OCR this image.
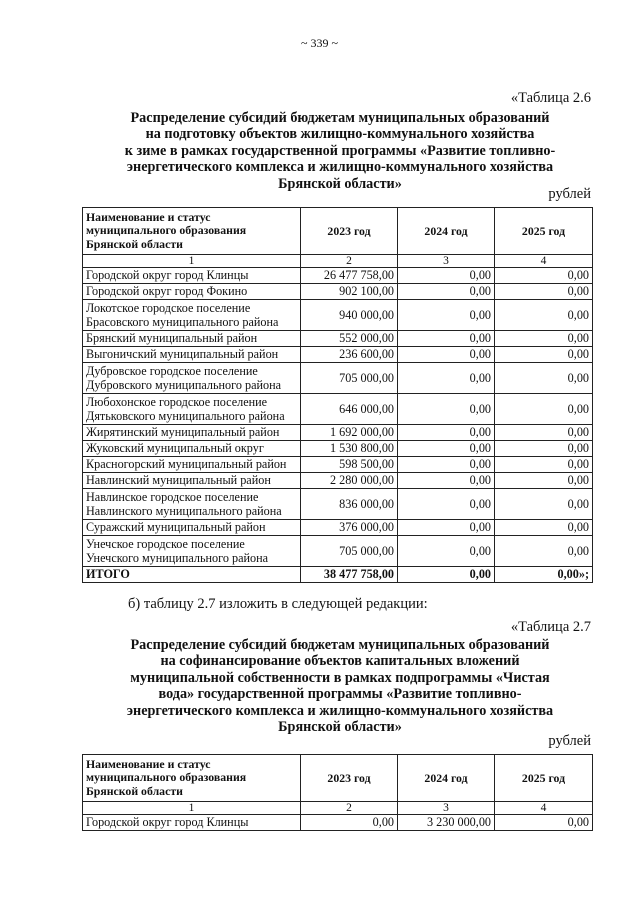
~ 339 ~
«Таблица 2.6
Распределение субсидий бюджетам муниципальных образований
на подготовку объектов жилищно-коммунального хозяйства
к зиме в рамках государственной программы «Развитие топливно-
энергетического комплекса и жилищно-коммунального хозяйства
Брянской области»
рублей
Наименование и статус
муниципального образования
Брянской области	2023 год	2024 год	2025 год
1	2	3	4

Городской округ город Клинцы	26 477 758,00	0,00	0,00

Городской округ город Фокино	902 100,00	0,00	0,00

Локотское городское поселение
Брасовского муниципального района	940 000,00	0,00	0,00

Брянский муниципальный район	552 000,00	0,00	0,00

Выгоничский муниципальный район	236 600,00	0,00	0,00

Дубровское городское поселение
Дубровского муниципального района	705 000,00	0,00	0,00

Любохонское городское поселение
Дятьковского муниципального района	646 000,00	0,00	0,00

Жирятинский муниципальный район	1 692 000,00	0,00	0,00

Жуковский муниципальный округ	1 530 800,00	0,00	0,00

Красногорский муниципальный район	598 500,00	0,00	0,00

Навлинский муниципальный район	2 280 000,00	0,00	0,00

Навлинское городское поселение
Навлинского муниципального района	836 000,00	0,00	0,00

Суражский муниципальный район	376 000,00	0,00	0,00

Унечское городское поселение
Унечского муниципального района	705 000,00	0,00	0,00
ИТОГО	38 477 758,00	0,00	0,00»;
б) таблицу 2.7 изложить в следующей редакции:
«Таблица 2.7
Распределение субсидий бюджетам муниципальных образований
на софинансирование объектов капитальных вложений
муниципальной собственности в рамках подпрограммы «Чистая
вода» государственной программы «Развитие топливно-
энергетического комплекса и жилищно-коммунального хозяйства
Брянской области»
рублей
Наименование и статус
муниципального образования
Брянской области	2023 год	2024 год	2025 год
1	2	3	4

Городской округ город Клинцы	0,00	3 230 000,00	0,00
